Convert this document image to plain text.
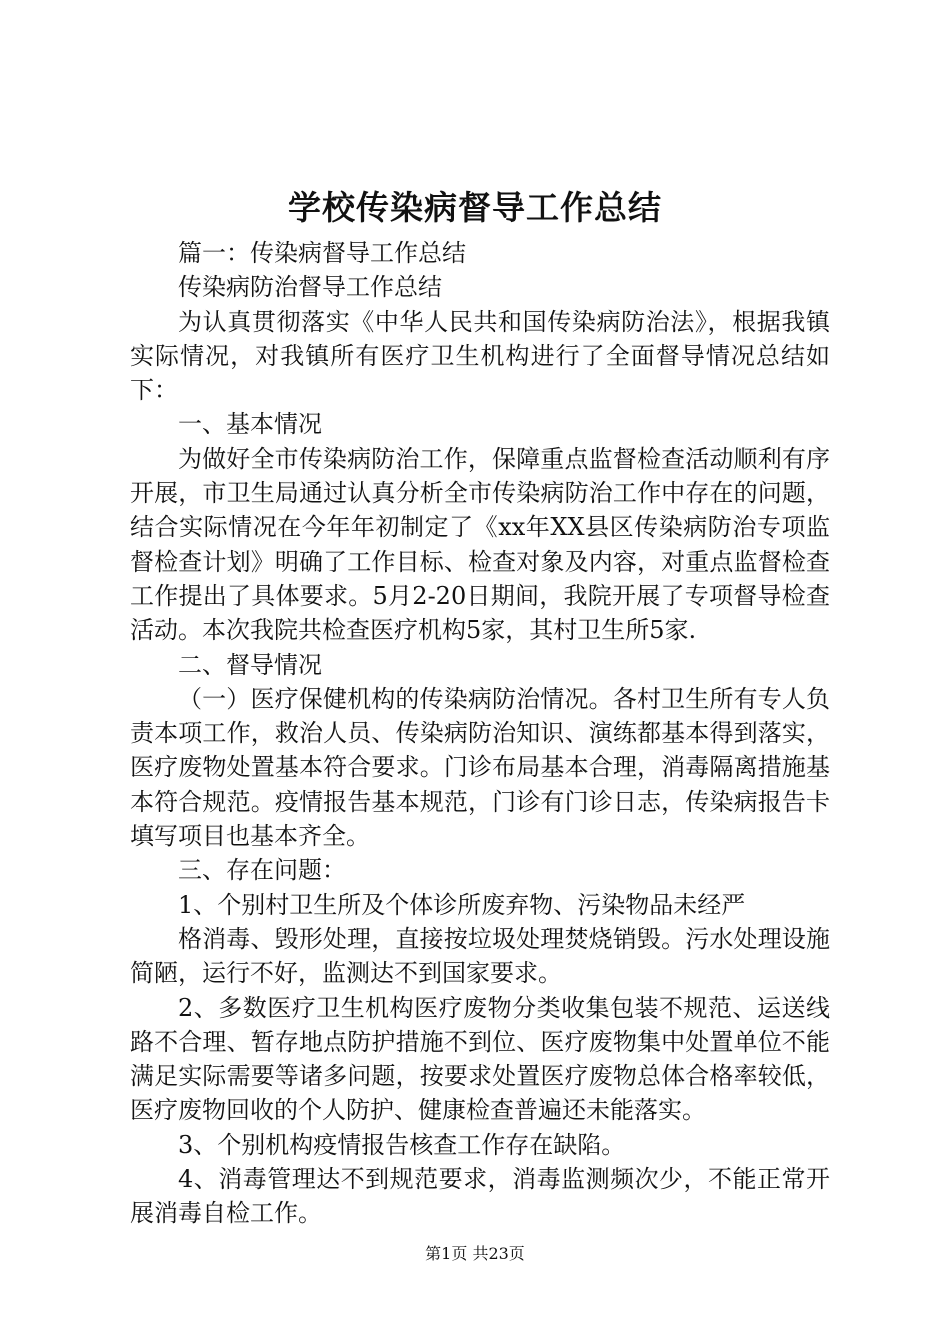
学校传染病督导工作总结

篇一：传染病督导工作总结

传染病防治督导工作总结

为认真贯彻落实《中华人民共和国传染病防治法》，根据我镇实际情况，对我镇所有医疗卫生机构进行了全面督导情况总结如下：

一、基本情况

为做好全市传染病防治工作，保障重点监督检查活动顺利有序开展，市卫生局通过认真分析全市传染病防治工作中存在的问题，结合实际情况在今年年初制定了《xx年XX县区传染病防治专项监督检查计划》明确了工作目标、检查对象及内容，对重点监督检查工作提出了具体要求。5月2-20日期间，我院开展了专项督导检查活动。本次我院共检查医疗机构5家，其村卫生所5家.

二、督导情况

（一）医疗保健机构的传染病防治情况。各村卫生所有专人负责本项工作，救治人员、传染病防治知识、演练都基本得到落实，医疗废物处置基本符合要求。门诊布局基本合理，消毒隔离措施基本符合规范。疫情报告基本规范，门诊有门诊日志，传染病报告卡填写项目也基本齐全。

三、存在问题：

1、个别村卫生所及个体诊所废弃物、污染物品未经严

格消毒、毁形处理，直接按垃圾处理焚烧销毁。污水处理设施简陋，运行不好，监测达不到国家要求。

2、多数医疗卫生机构医疗废物分类收集包装不规范、运送线路不合理、暂存地点防护措施不到位、医疗废物集中处置单位不能满足实际需要等诸多问题，按要求处置医疗废物总体合格率较低，医疗废物回收的个人防护、健康检查普遍还未能落实。

3、个别机构疫情报告核查工作存在缺陷。

4、消毒管理达不到规范要求，消毒监测频次少，不能正常开展消毒自检工作。

第1页 共23页
